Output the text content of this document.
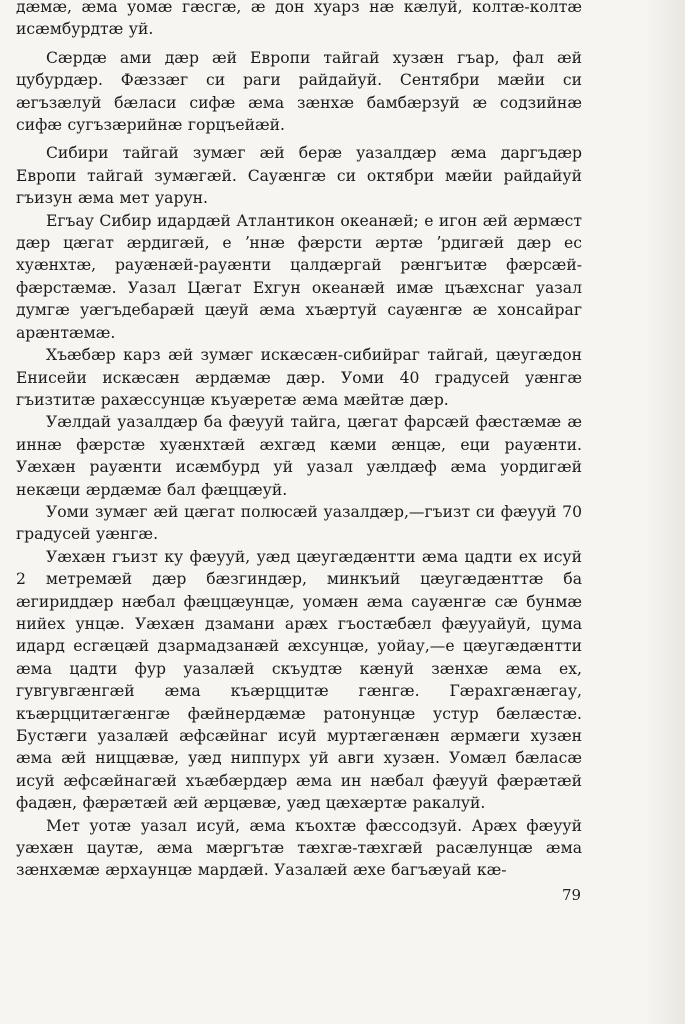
дæмæ, æма уомæ гæсгæ, æ дон хуарз нæ кæлуй, колтæ-колтæ исæмбурдтæ уй.

Сæрдæ ами дæр æй Европи тайгай хузæн гъар, фал æй цубурдæр. Фæззæг си раги райдайуй. Сентябри мæйи си æгъзæлуй бæласи сифæ æма зæнхæ бамбæрзуй æ содзийнæ сифæ сугъзæрийнæ горцъейæй.

Сибири тайгай зумæг æй берæ уазалдæр æма даргъдæр Европи тайгай зумæгæй. Сауæнгæ си октябри мæйи райдайуй гъизун æма мет уарун.

Егъау Сибир идардæй Атлантикон океанæй; е игон æй æрмæст дæр цæгат æрдигæй, е ʼннæ фæрсти æртæ ʼрдигæй дæр ес хуæнхтæ, рауæнæй-рауæнти цалдæргай рæнгъитæ фæрсæй-фæрстæмæ. Уазал Цæгат Ехгун океанæй имæ цъæхснаг уазал думгæ уæгъдебарæй цæуй æма хъæртуй сауæнгæ æ хонсайраг арæнтæмæ.

Хъæбæр карз æй зумæг искæсæн-сибийраг тайгай, цæугæдон Енисейи искæсæн æрдæмæ дæр. Уоми 40 градусей уæнгæ гъизтитæ рахæссунцæ къуæретæ æма мæйтæ дæр.

Уæлдай уазалдæр ба фæууй тайга, цæгат фарсæй фæстæмæ æ иннæ фæрстæ хуæнхтæй æхгæд кæми æнцæ, еци рауæнти. Уæхæн рауæнти исæмбурд уй уазал уæлдæф æма уордигæй некæци æрдæмæ бал фæццæуй.

Уоми зумæг æй цæгат полюсæй уазалдæр,—гъизт си фæууй 70 градусей уæнгæ.

Уæхæн гъизт ку фæууй, уæд цæугæдæнтти æма цадти ех исуй 2 метремæй дæр бæзгиндæр, минкъий цæугæдæнттæ ба æгириддæр нæбал фæццæунцæ, уомæн æма сауæнгæ сæ бунмæ нийех унцæ. Уæхæн дзамани арæх гъостæбæл фæууайуй, цума идард есгæцæй дзармадзанæй æхсунцæ, уойау,—е цæугæдæнтти æма цадти фур уазалæй скъудтæ кæнуй зæнхæ æма ех, гувгувгæнгæй æма къæрццитæ гæнгæ. Гæрахгæнæгау, къæрццитæгæнгæ фæйнердæмæ ратонунцæ устур бæлæстæ. Бустæги уазалæй æфсæйнаг исуй муртæгæнæн æрмæги хузæн æма æй ниццæвæ, уæд ниппурх уй авги хузæн. Уомæл бæласæ исуй æфсæйнагæй хъæбæрдæр æма ин нæбал фæууй фæрæтæй фадæн, фæрæтæй æй æрцæвæ, уæд цæхæртæ ракалуй.

Мет уотæ уазал исуй, æма къохтæ фæссодзуй. Арæх фæууй уæхæн цаутæ, æма мæргътæ тæхгæ-тæхгæй расæлунцæ æма зæнхæмæ æрхаунцæ мардæй. Уазалæй æхе багъæуай кæ-

79
